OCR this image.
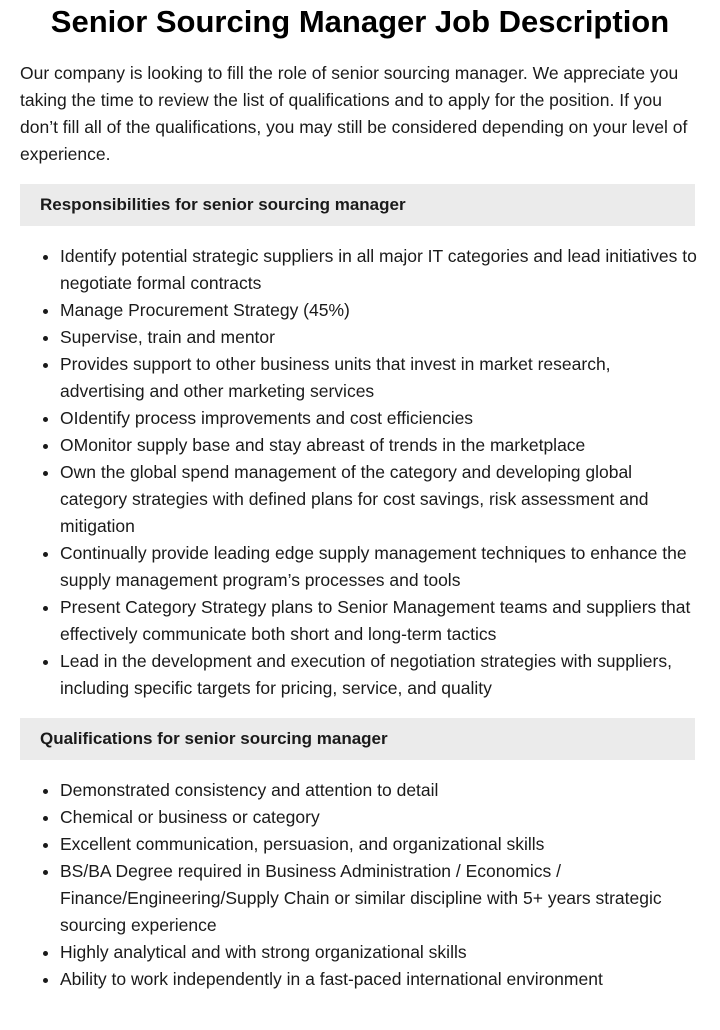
Senior Sourcing Manager Job Description

Our company is looking to fill the role of senior sourcing manager. We appreciate you taking the time to review the list of qualifications and to apply for the position. If you don’t fill all of the qualifications, you may still be considered depending on your level of experience.

Responsibilities for senior sourcing manager
• Identify potential strategic suppliers in all major IT categories and lead initiatives to negotiate formal contracts
• Manage Procurement Strategy (45%)
• Supervise, train and mentor
• Provides support to other business units that invest in market research, advertising and other marketing services
• OIdentify process improvements and cost efficiencies
• OMonitor supply base and stay abreast of trends in the marketplace
• Own the global spend management of the category and developing global category strategies with defined plans for cost savings, risk assessment and mitigation
• Continually provide leading edge supply management techniques to enhance the supply management program’s processes and tools
• Present Category Strategy plans to Senior Management teams and suppliers that effectively communicate both short and long-term tactics
• Lead in the development and execution of negotiation strategies with suppliers, including specific targets for pricing, service, and quality
Qualifications for senior sourcing manager
• Demonstrated consistency and attention to detail
• Chemical or business or category
• Excellent communication, persuasion, and organizational skills
• BS/BA Degree required in Business Administration / Economics / Finance/Engineering/Supply Chain or similar discipline with 5+ years strategic sourcing experience
• Highly analytical and with strong organizational skills
• Ability to work independently in a fast-paced international environment
